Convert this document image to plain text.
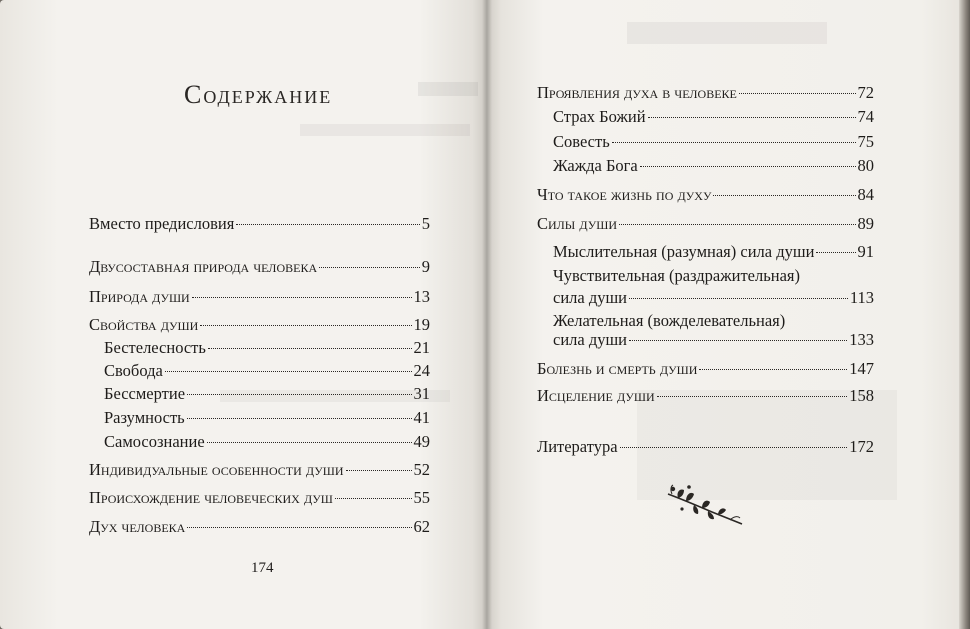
Содержание
Вместо предисловия	5
Двусоставная природа человека	9
Природа души	13
Свойства души	19
Бестелесность	21
Свобода	24
Бессмертие	31
Разумность	41
Самосознание	49
Индивидуальные особенности души	52
Происхождение человеческих душ	55
Дух человека	62
174
Проявления духа в человеке	72
Страх Божий	74
Совесть	75
Жажда Бога	80
Что такое жизнь по духу	84
Силы души	89
Мыслительная (разумная) сила души	91
Чувствительная (раздражительная)
сила души	113
Желательная (вожделевательная)
сила души	133
Болезнь и смерть души	147
Исцеление души	158
Литература	172
